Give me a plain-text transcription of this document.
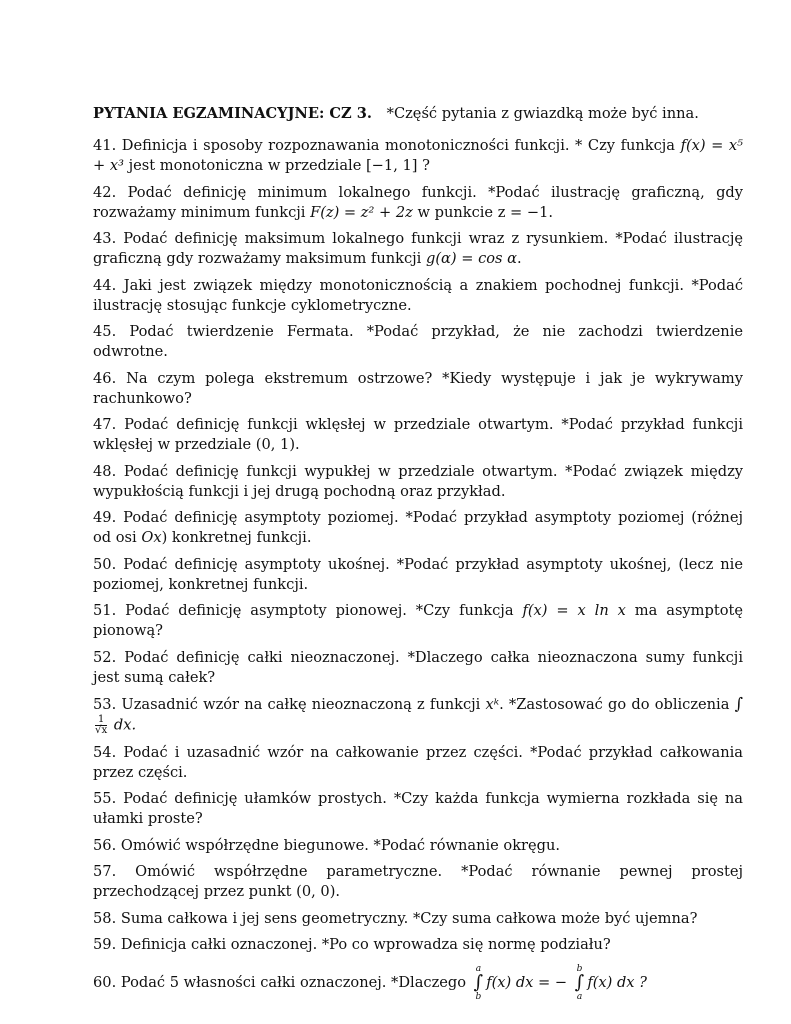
PYTANIA EGZAMINACYJNE: CZ 3. *Część pytania z gwiazdką może być inna.

41. Definicja i sposoby rozpoznawania monotoniczności funkcji. * Czy funkcja f(x) = x⁵ + x³ jest monotoniczna w przedziale [−1, 1] ?

42. Podać definicję minimum lokalnego funkcji. *Podać ilustrację graficzną, gdy rozważamy minimum funkcji F(z) = z² + 2z w punkcie z = −1.

43. Podać definicję maksimum lokalnego funkcji wraz z rysunkiem. *Podać ilustrację graficzną gdy rozważamy maksimum funkcji g(α) = cos α.

44. Jaki jest związek między monotonicznością a znakiem pochodnej funkcji. *Podać ilustrację stosując funkcje cyklometryczne.

45. Podać twierdzenie Fermata. *Podać przykład, że nie zachodzi twierdzenie odwrotne.

46. Na czym polega ekstremum ostrzowe? *Kiedy występuje i jak je wykrywamy rachunkowo?

47. Podać definicję funkcji wklęsłej w przedziale otwartym. *Podać przykład funkcji wklęsłej w przedziale (0, 1).

48. Podać definicję funkcji wypukłej w przedziale otwartym. *Podać związek między wypukłością funkcji i jej drugą pochodną oraz przykład.

49. Podać definicję asymptoty poziomej. *Podać przykład asymptoty poziomej (różnej od osi Ox) konkretnej funkcji.

50. Podać definicję asymptoty ukośnej. *Podać przykład asymptoty ukośnej, (lecz nie poziomej, konkretnej funkcji.

51. Podać definicję asymptoty pionowej. *Czy funkcja f(x) = x ln x ma asymptotę pionową?

52. Podać definicję całki nieoznaczonej. *Dlaczego całka nieoznaczona sumy funkcji jest sumą całek?

53. Uzasadnić wzór na całkę nieoznaczoną z funkcji xᵏ. *Zastosować go do obliczenia ∫
$\frac{1}{√x}$ dx.

54. Podać i uzasadnić wzór na całkowanie przez części. *Podać przykład całkowania przez części.

55. Podać definicję ułamków prostych. *Czy każda funkcja wymierna rozkłada się na ułamki proste?

56. Omówić współrzędne biegunowe. *Podać równanie okręgu.

57. Omówić współrzędne parametryczne. *Podać równanie pewnej prostej przechodzącej przez punkt (0, 0).

58. Suma całkowa i jej sens geometryczny. *Czy suma całkowa może być ujemna?

59. Definicja całki oznaczonej. *Po co wprowadza się normę podziału?

60. Podać 5 własności całki oznaczonej. *Dlaczego
a
∫
b
f(x) dx = −
b
∫
a
f(x) dx ?
